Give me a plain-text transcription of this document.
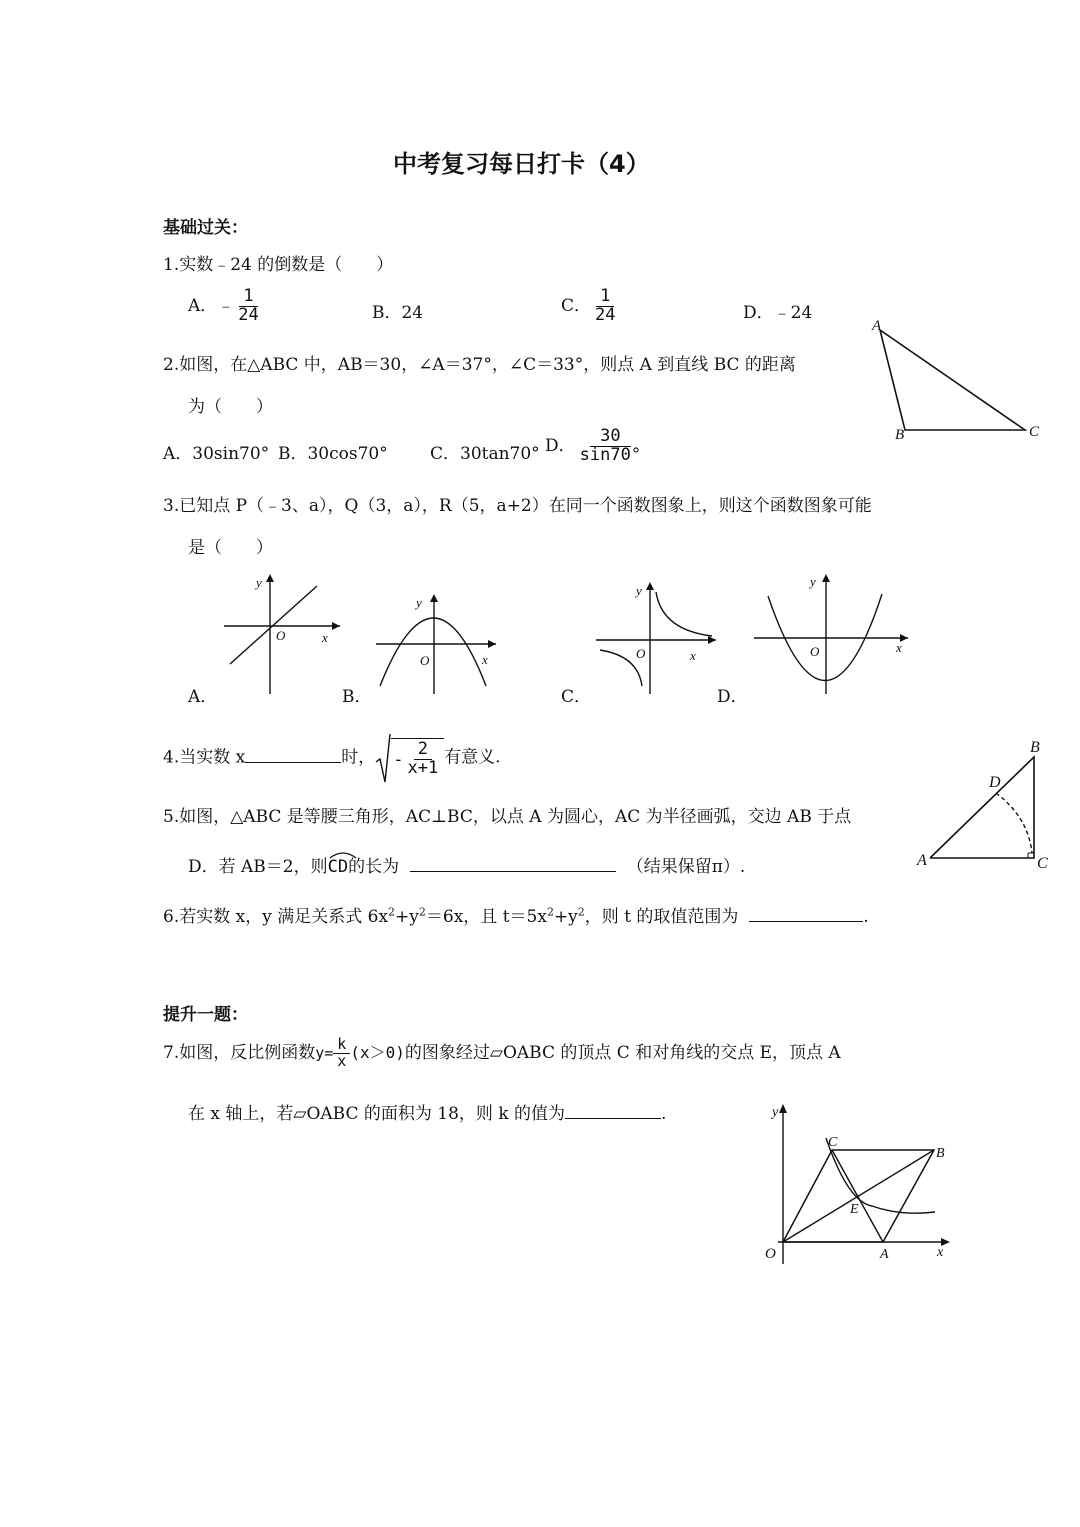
中考复习每日打卡（4）
基础过关：
1.实数﹣24 的倒数是（　　）
A．﹣ $\frac{1}{24}$	B．24	C． $\frac{1}{24}$	D．﹣24
2.如图，在△ABC 中，AB＝30，∠A＝37°，∠C＝33°，则点 A 到直线 BC 的距离
为（　　）
A．30sin70° B．30cos70° C．30tan70° D． $\frac{30}{\sin 70^\circ}$
A
B	C
3.已知点 P（﹣3、a），Q（3，a），R（5，a+2）在同一个函数图象上，则这个函数图象可能
是（　　）
y
O	x
A．
y
O	x
B．
y
O	x
C．
y
O	x
D．
4.当实数 x	时， - $\frac{2}{x+1}$ 有意义.
5.如图，△ABC 是等腰三角形，AC⊥BC，以点 A 为圆心，AC 为半径画弧，交边 AB 于点
D．若 AB＝2，则
CD的长为	（结果保留π）.	A
B
C
D
6.若实数 x，y 满足关系式 $6x^2+y^2=6x$，且 $t=5x^2+y^2$，则 t 的取值范围为	.
提升一题：
7.如图，反比例函数$y= \frac{k}{x} (x>0)$的图象经过▱OABC 的顶点 C 和对角线的交点 E，顶点 A
在 x 轴上，若▱OABC 的面积为 18，则 k 的值为	.	y
O	A
B
C
E
x
